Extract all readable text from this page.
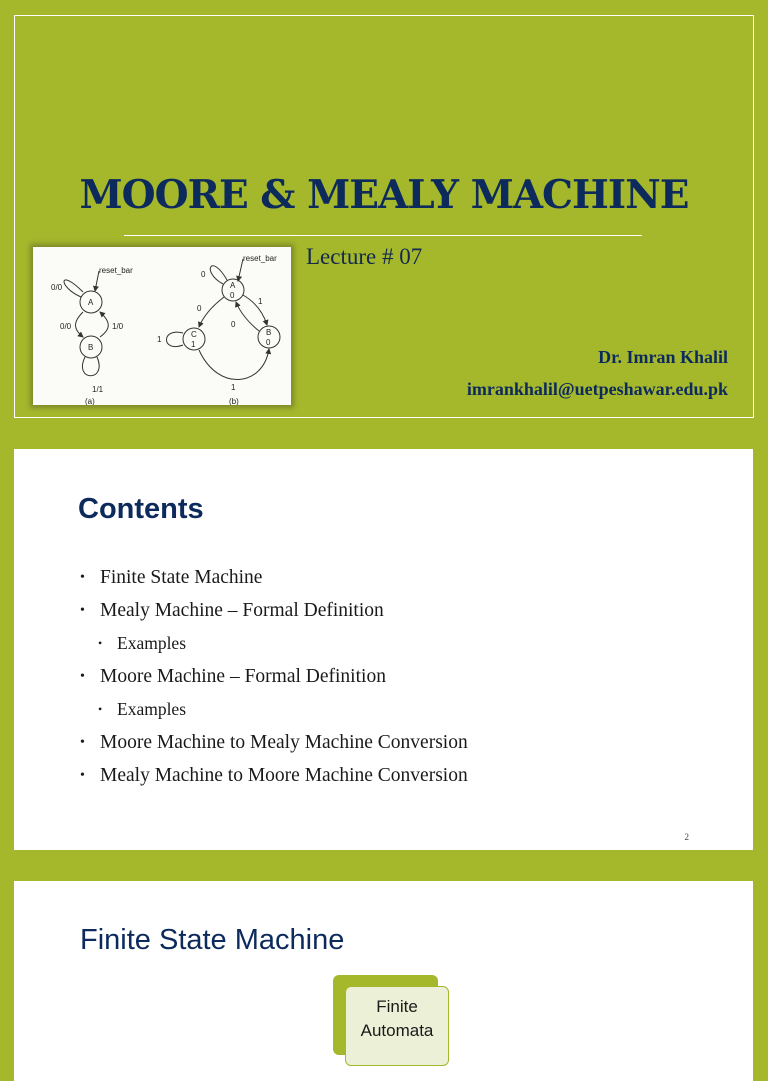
MOORE & MEALY MACHINE
Lecture # 07
Dr. Imran Khalil
imrankhalil@uetpeshawar.edu.pk
reset_bar
A
0/0
B
0/0	1/0
1/1
(a)
reset_bar
A
0
0
B
0
1
0
C
1
0
1
1
(b)
Contents
• Finite State Machine
• Mealy Machine – Formal Definition
• Examples
• Moore Machine – Formal Definition
• Examples
• Moore Machine to Mealy Machine Conversion
• Mealy Machine to Moore Machine Conversion
2
Finite State Machine
Finite
Automata
